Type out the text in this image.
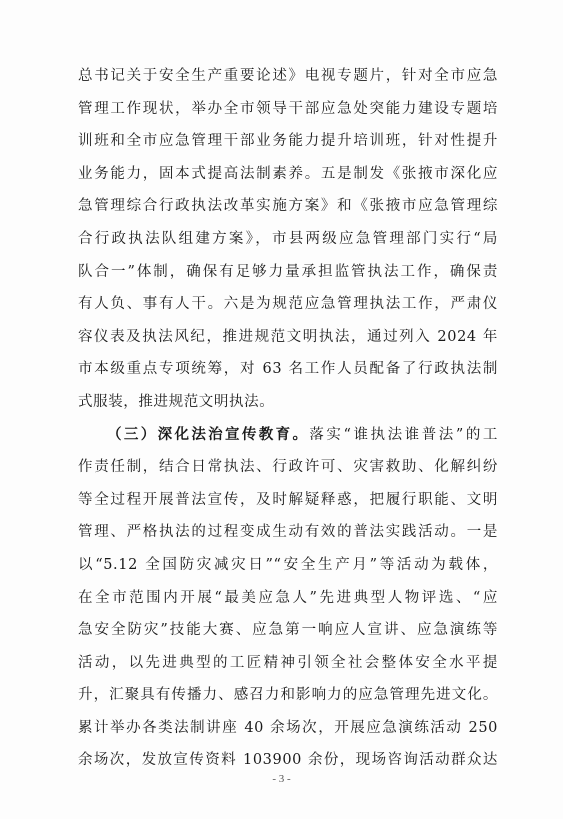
总书记关于安全生产重要论述》电视专题片，针对全市应急
管理工作现状，举办全市领导干部应急处突能力建设专题培
训班和全市应急管理干部业务能力提升培训班，针对性提升
业务能力，固本式提高法制素养。五是制发《张掖市深化应
急管理综合行政执法改革实施方案》和《张掖市应急管理综
合行政执法队组建方案》，市县两级应急管理部门实行“局
队合一”体制，确保有足够力量承担监管执法工作，确保责
有人负、事有人干。六是为规范应急管理执法工作，严肃仪
容仪表及执法风纪，推进规范文明执法，通过列入 2024 年
市本级重点专项统筹，对 63 名工作人员配备了行政执法制
式服装，推进规范文明执法。
（三）深化法治宣传教育。落实“谁执法谁普法”的工
作责任制，结合日常执法、行政许可、灾害救助、化解纠纷
等全过程开展普法宣传，及时解疑释惑，把履行职能、文明
管理、严格执法的过程变成生动有效的普法实践活动。一是
以“5.12 全国防灾减灾日”“安全生产月”等活动为载体，
在全市范围内开展“最美应急人”先进典型人物评选、“应
急安全防灾”技能大赛、应急第一响应人宣讲、应急演练等
活动，以先进典型的工匠精神引领全社会整体安全水平提
升，汇聚具有传播力、感召力和影响力的应急管理先进文化。
累计举办各类法制讲座 40 余场次，开展应急演练活动 250
余场次，发放宣传资料 103900 余份，现场咨询活动群众达
- 3 -
